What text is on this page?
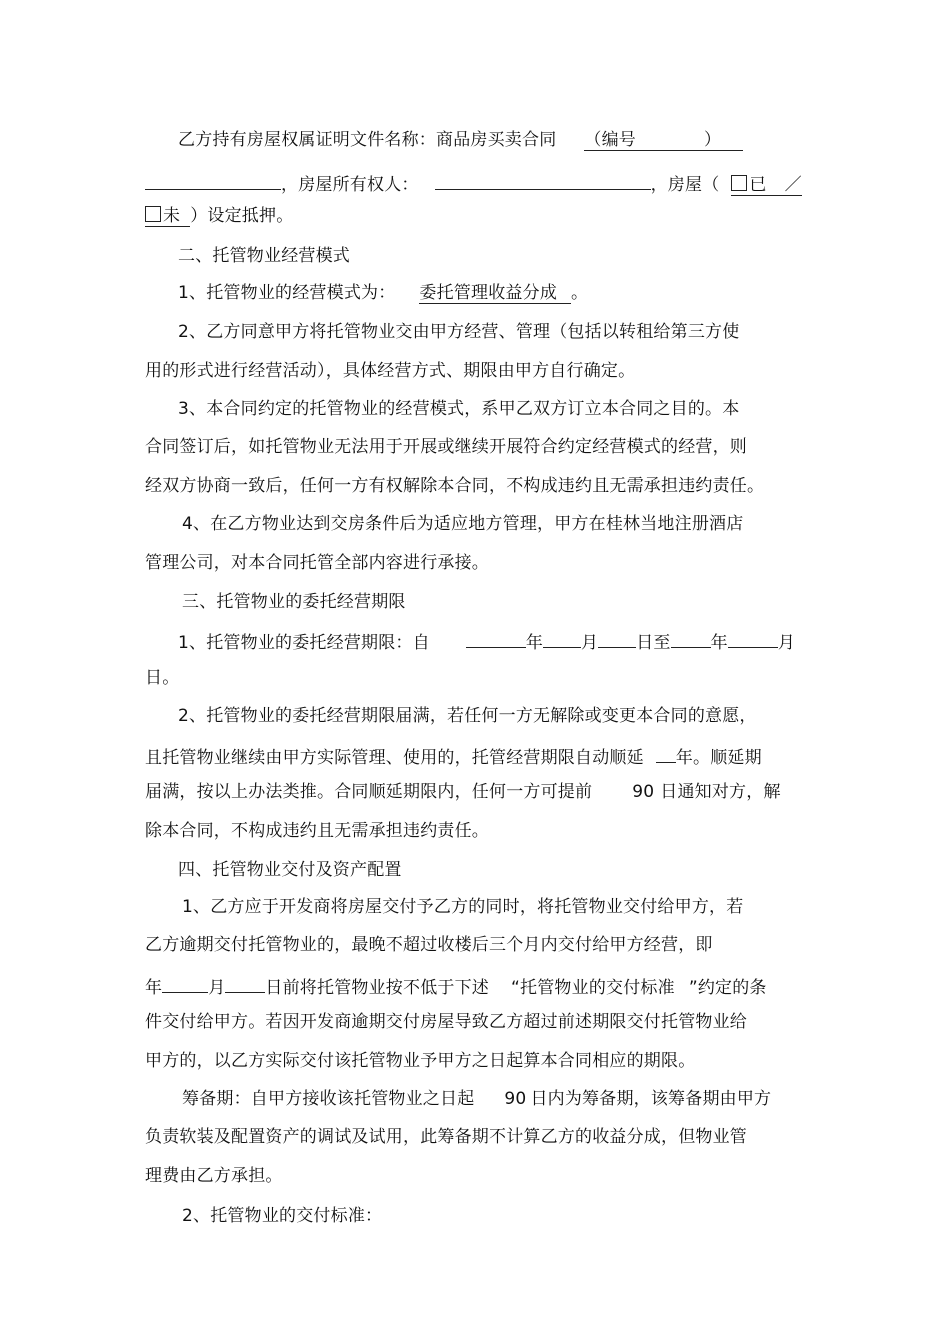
乙方持有房屋权属证明文件名称：商品房买卖合同 （编号	）
，房屋所有权人：	，房屋（ 已 ／
未 ）设定抵押。
二、托管物业经营模式
1、托管物业的经营模式为： 委托管理收益分成 。
2、乙方同意甲方将托管物业交由甲方经营、管理（包括以转租给第三方使
用的形式进行经营活动），具体经营方式、期限由甲方自行确定。
3、本合同约定的托管物业的经营模式，系甲乙双方订立本合同之目的。本
合同签订后，如托管物业无法用于开展或继续开展符合约定经营模式的经营，则
经双方协商一致后，任何一方有权解除本合同，不构成违约且无需承担违约责任。
4、在乙方物业达到交房条件后为适应地方管理，甲方在桂林当地注册酒店
管理公司，对本合同托管全部内容进行承接。
三、托管物业的委托经营期限
1、托管物业的委托经营期限：自	年 月 日至 年	月
日。
2、托管物业的委托经营期限届满，若任何一方无解除或变更本合同的意愿，
且托管物业继续由甲方实际管理、使用的，托管经营期限自动顺延 年。顺延期
届满，按以上办法类推。合同顺延期限内，任何一方可提前 90 日通知对方，解
除本合同，不构成违约且无需承担违约责任。
四、托管物业交付及资产配置
1、乙方应于开发商将房屋交付予乙方的同时，将托管物业交付给甲方，若
乙方逾期交付托管物业的，最晚不超过收楼后三个月内交付给甲方经营，即
年	月 日前将托管物业按不低于下述 “托管物业的交付标准 ”约定的条
件交付给甲方。若因开发商逾期交付房屋导致乙方超过前述期限交付托管物业给
甲方的，以乙方实际交付该托管物业予甲方之日起算本合同相应的期限。
筹备期：自甲方接收该托管物业之日起 90 日内为筹备期，该筹备期由甲方
负责软装及配置资产的调试及试用，此筹备期不计算乙方的收益分成，但物业管
理费由乙方承担。
2、托管物业的交付标准：
